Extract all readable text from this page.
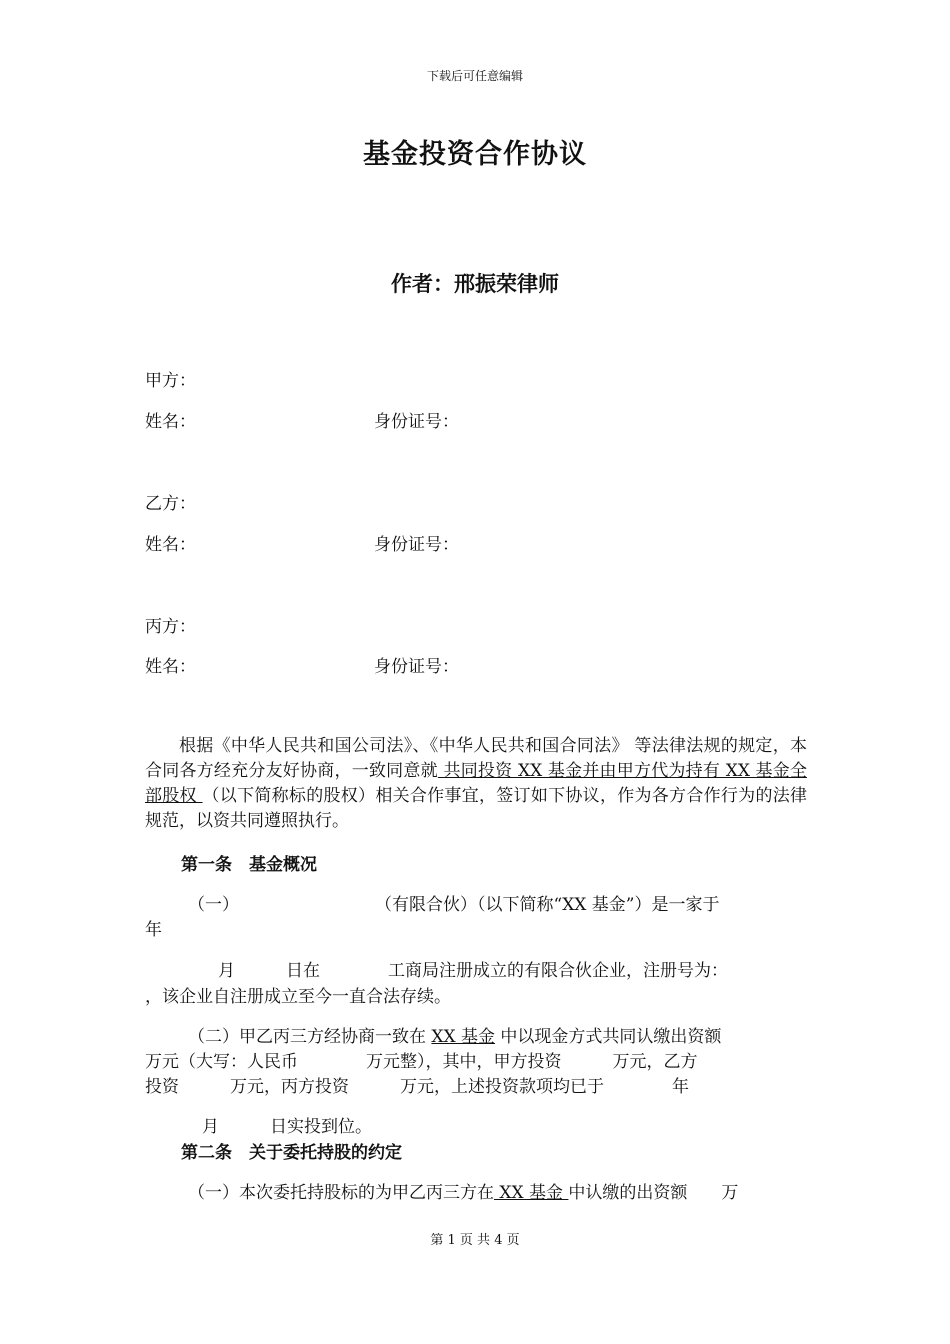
下载后可任意编辑
基金投资合作协议
作者：邢振荣律师
甲方：
姓名：	身份证号：
乙方：
姓名：	身份证号：
丙方：
姓名：	身份证号：
根据《中华人民共和国公司法》、《中华人民共和国合同法》 等法律法规的规定，本合同各方经充分友好协商，一致同意就 共同投资 XX 基金并由甲方代为持有 XX 基金全部股权 （以下简称标的股权）相关合作事宜，签订如下协议，作为各方合作行为的法律规范，以资共同遵照执行。
第一条　基金概况
（一）　　　　　　　　　（有限合伙）（以下简称“XX 基金”）是一家于
年
月　　　日在　　　　工商局注册成立的有限合伙企业，注册号为：
，该企业自注册成立至今一直合法存续。
（二）甲乙丙三方经协商一致在 XX 基金 中以现金方式共同认缴出资额
万元（大写：人民币　　　　万元整），其中，甲方投资　　　万元，乙方
投资　　　万元，丙方投资　　　万元，上述投资款项均已于　　　　年
月　　　日实投到位。
第二条　关于委托持股的约定
（一）本次委托持股标的为甲乙丙三方在 XX 基金 中认缴的出资额　　万
第 1 页 共 4 页
